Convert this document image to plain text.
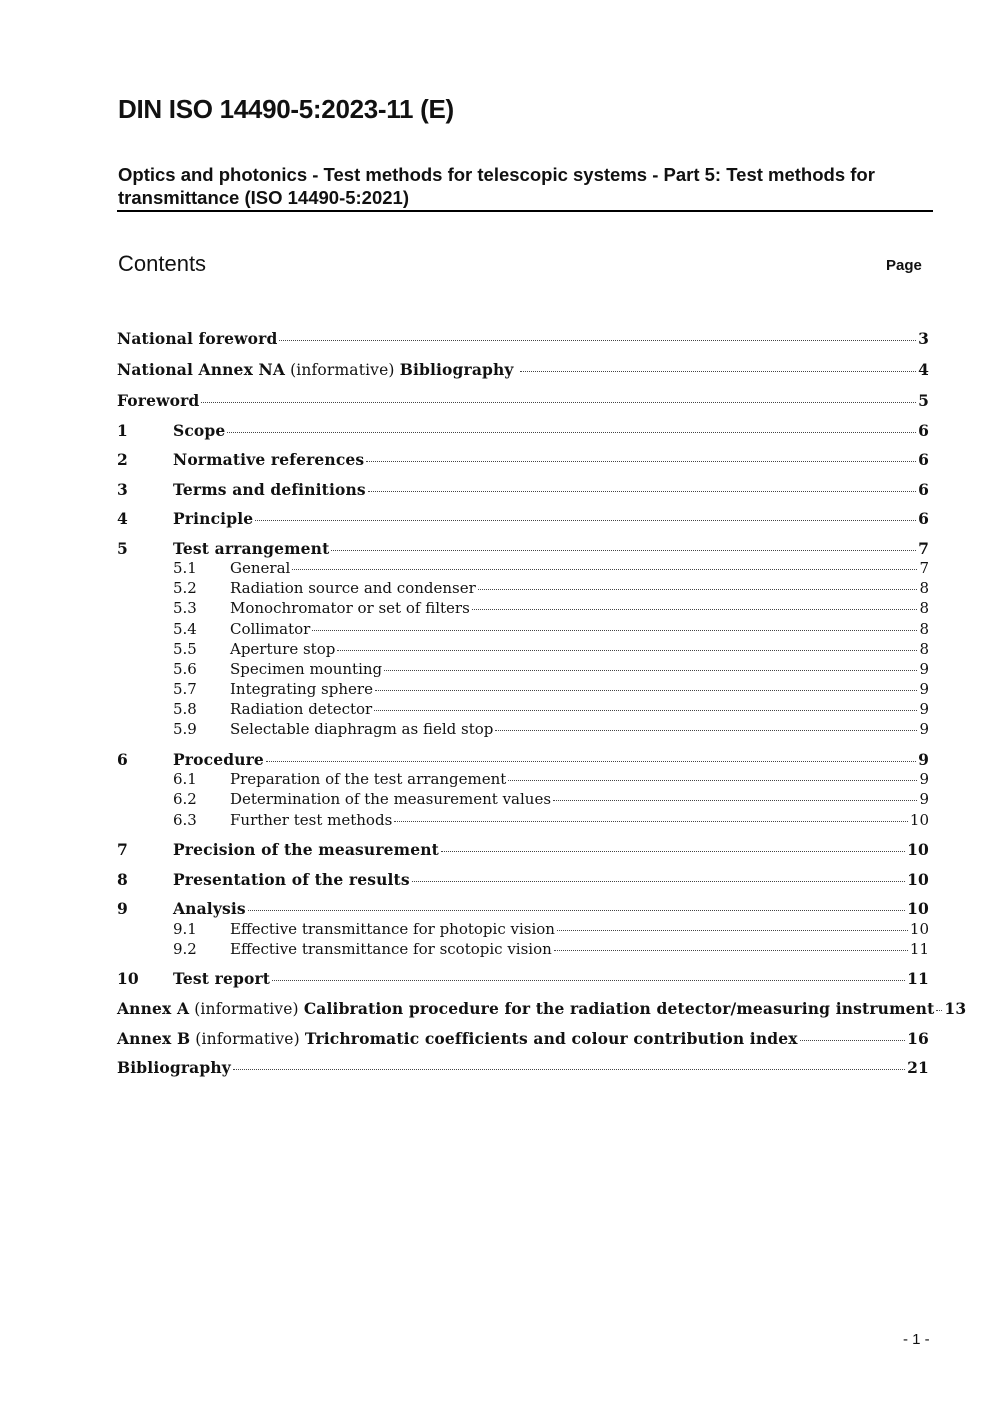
DIN ISO 14490-5:2023-11 (E)
Optics and photonics - Test methods for telescopic systems - Part 5: Test methods for transmittance (ISO 14490-5:2021)
Contents	Page
National foreword	3
National Annex NA (informative) Bibliography	4
Foreword	5
1	Scope	6
2	Normative references	6
3	Terms and definitions	6
4	Principle	6
5	Test arrangement	7
5.1	General	7
5.2	Radiation source and condenser	8
5.3	Monochromator or set of filters	8
5.4	Collimator	8
5.5	Aperture stop	8
5.6	Specimen mounting	9
5.7	Integrating sphere	9
5.8	Radiation detector	9
5.9	Selectable diaphragm as field stop	9
6	Procedure	9
6.1	Preparation of the test arrangement	9
6.2	Determination of the measurement values	9
6.3	Further test methods	10
7	Precision of the measurement	10
8	Presentation of the results	10
9	Analysis	10
9.1	Effective transmittance for photopic vision	10
9.2	Effective transmittance for scotopic vision	11
10	Test report	11
Annex A (informative) Calibration procedure for the radiation detector/measuring instrument 13
Annex B (informative) Trichromatic coefficients and colour contribution index	16
Bibliography	21
- 1 -
